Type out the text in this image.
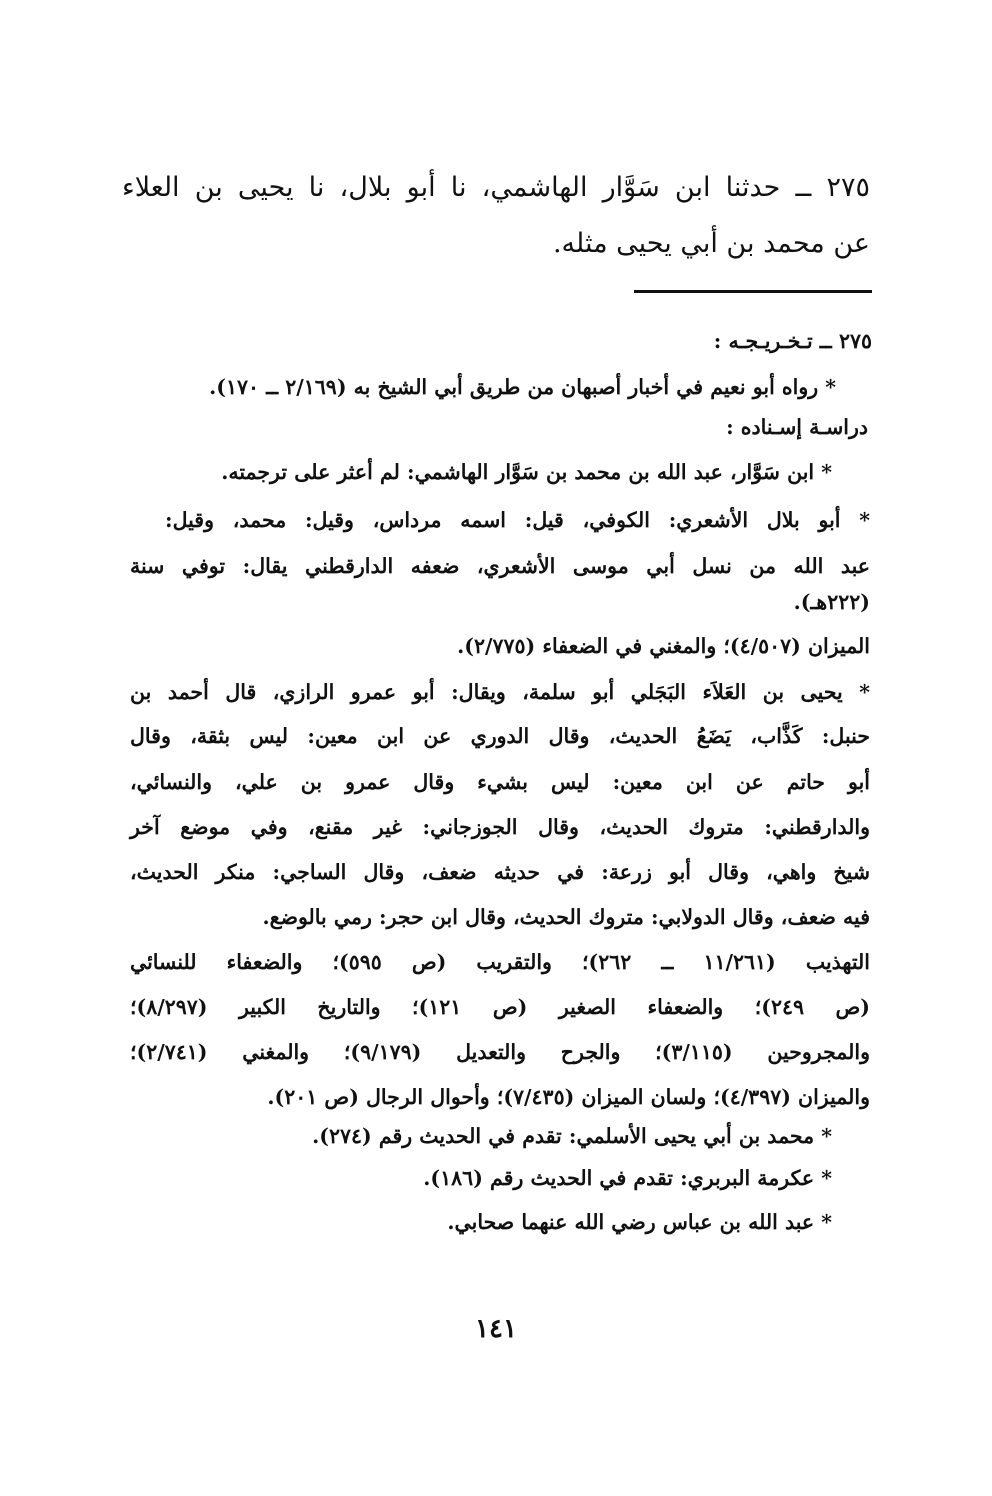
٢٧٥ ــ حدثنا ابن سَوَّار الهاشمي، نا أبو بلال، نا يحيى بن العلاء
عن محمد بن أبي يحيى مثله.
٢٧٥ ــ تـخـريـجـه :
* رواه أبو نعيم في أخبار أصبهان من طريق أبي الشيخ به (٢/١٦٩ ــ ١٧٠).
دراسـة إسـناده :
* ابن سَوَّار، عبد الله بن محمد بن سَوَّار الهاشمي: لم أعثر على ترجمته.
* أبو بلال الأشعري: الكوفي، قيل: اسمه مرداس، وقيل: محمد، وقيل:
عبد الله من نسل أبي موسى الأشعري، ضعفه الدارقطني يقال: توفي سنة
(٢٢٢هـ).
الميزان (٤/٥٠٧)؛ والمغني في الضعفاء (٢/٧٧٥).
* يحيى بن العَلاَء البَجَلي أبو سلمة، ويقال: أبو عمرو الرازي، قال أحمد بن
حنبل: كَذَّاب، يَضَعُ الحديث، وقال الدوري عن ابن معين: ليس بثقة، وقال
أبو حاتم عن ابن معين: ليس بشيء وقال عمرو بن علي، والنسائي،
والدارقطني: متروك الحديث، وقال الجوزجاني: غير مقنع، وفي موضع آخر
شيخ واهي، وقال أبو زرعة: في حديثه ضعف، وقال الساجي: منكر الحديث،
فيه ضعف، وقال الدولابي: متروك الحديث، وقال ابن حجر: رمي بالوضع.
التهذيب (١١/٢٦١ ــ ٢٦٢)؛ والتقريب (ص ٥٩٥)؛ والضعفاء للنسائي
(ص ٢٤٩)؛ والضعفاء الصغير (ص ١٢١)؛ والتاريخ الكبير (٨/٢٩٧)؛
والمجروحين (٣/١١٥)؛ والجرح والتعديل (٩/١٧٩)؛ والمغني (٢/٧٤١)؛
والميزان (٤/٣٩٧)؛ ولسان الميزان (٧/٤٣٥)؛ وأحوال الرجال (ص ٢٠١).
* محمد بن أبي يحيى الأسلمي: تقدم في الحديث رقم (٢٧٤).
* عكرمة البربري: تقدم في الحديث رقم (١٨٦).
* عبد الله بن عباس رضي الله عنهما صحابي.
١٤١
